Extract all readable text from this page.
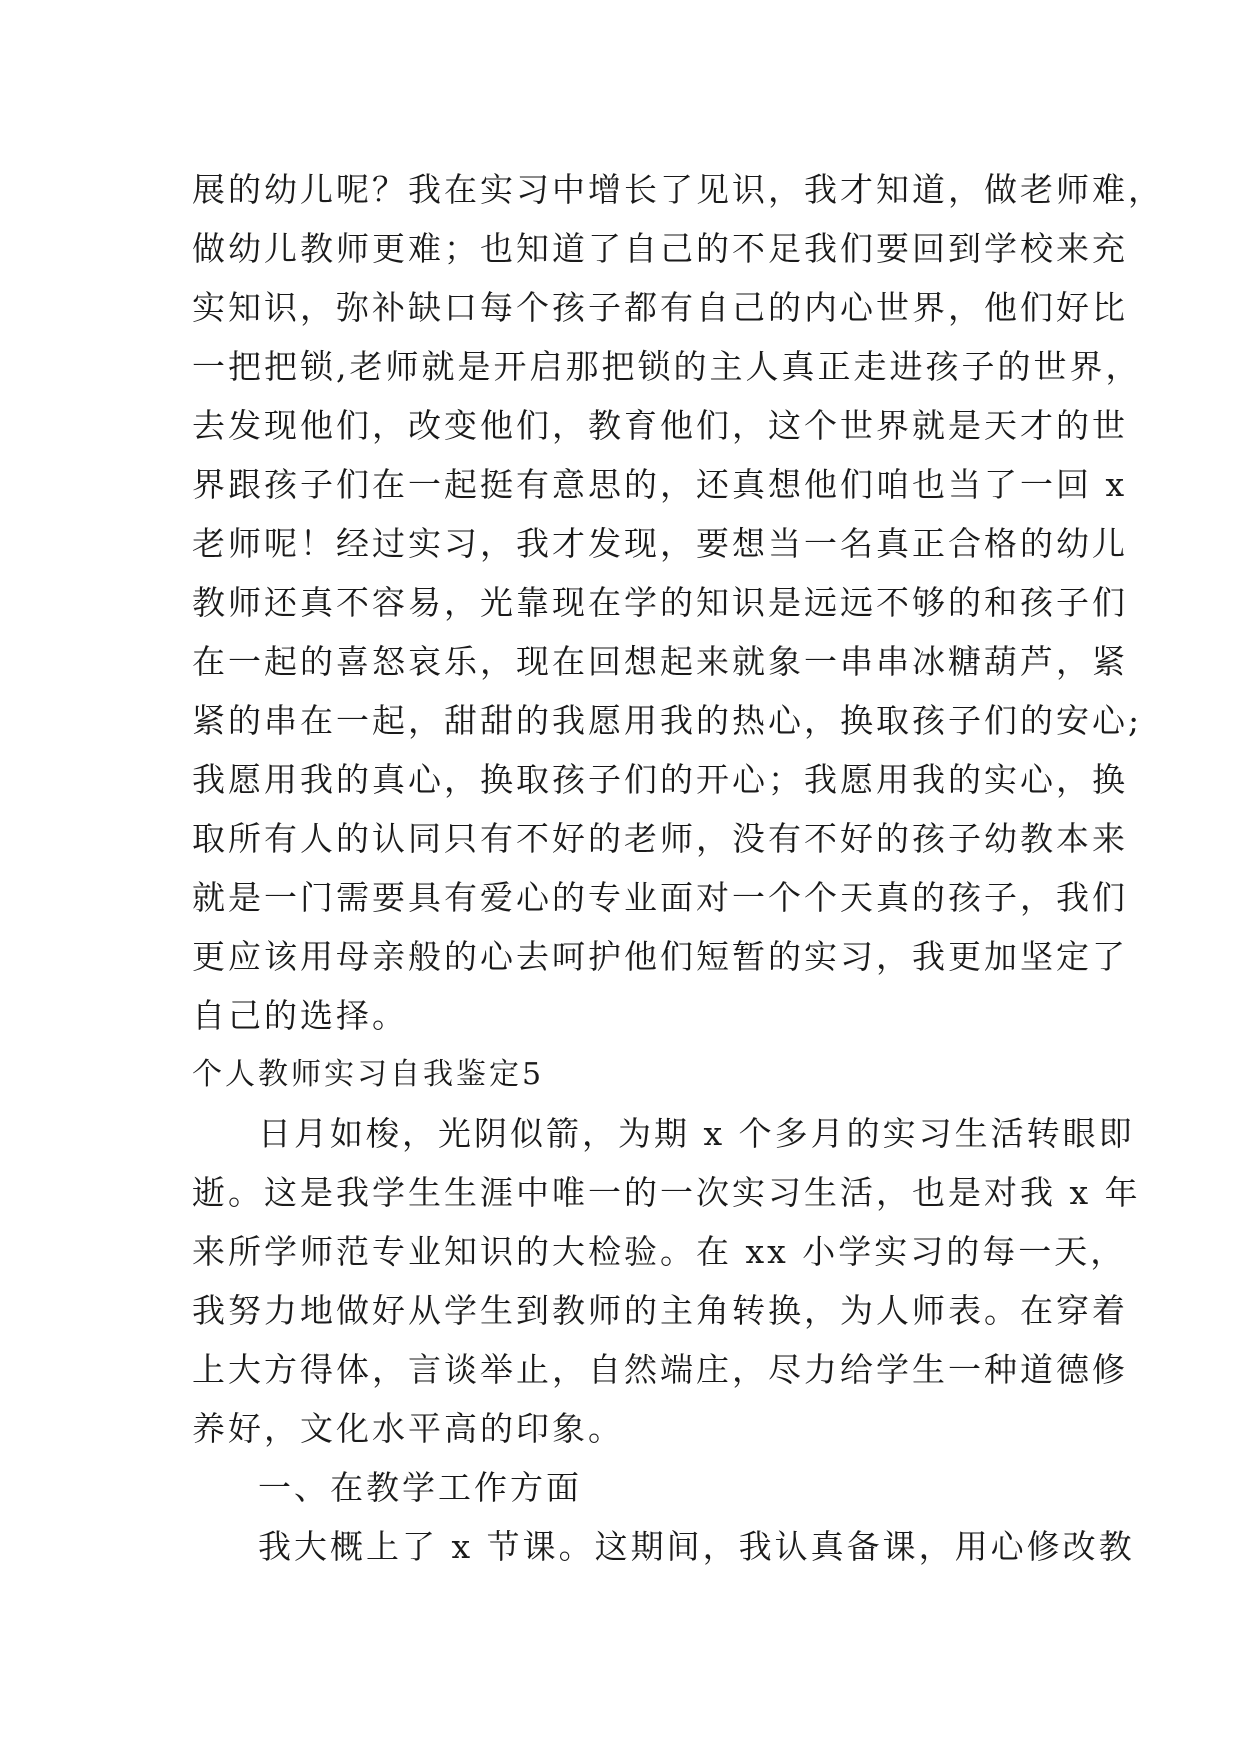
展的幼儿呢？我在实习中增长了见识，我才知道，做老师难，
做幼儿教师更难；也知道了自己的不足我们要回到学校来充
实知识，弥补缺口每个孩子都有自己的内心世界，他们好比
一把把锁,老师就是开启那把锁的主人真正走进孩子的世界，
去发现他们，改变他们，教育他们，这个世界就是天才的世
界跟孩子们在一起挺有意思的，还真想他们咱也当了一回 x
老师呢！经过实习，我才发现，要想当一名真正合格的幼儿
教师还真不容易，光靠现在学的知识是远远不够的和孩子们
在一起的喜怒哀乐，现在回想起来就象一串串冰糖葫芦，紧
紧的串在一起，甜甜的我愿用我的热心，换取孩子们的安心;
我愿用我的真心，换取孩子们的开心；我愿用我的实心，换
取所有人的认同只有不好的老师，没有不好的孩子幼教本来
就是一门需要具有爱心的专业面对一个个天真的孩子，我们
更应该用母亲般的心去呵护他们短暂的实习，我更加坚定了
自己的选择。
个人教师实习自我鉴定5
日月如梭，光阴似箭，为期 x 个多月的实习生活转眼即
逝。这是我学生生涯中唯一的一次实习生活，也是对我 x 年
来所学师范专业知识的大检验。在 xx 小学实习的每一天，
我努力地做好从学生到教师的主角转换，为人师表。在穿着
上大方得体，言谈举止，自然端庄，尽力给学生一种道德修
养好，文化水平高的印象。
一、在教学工作方面
我大概上了 x 节课。这期间，我认真备课，用心修改教
